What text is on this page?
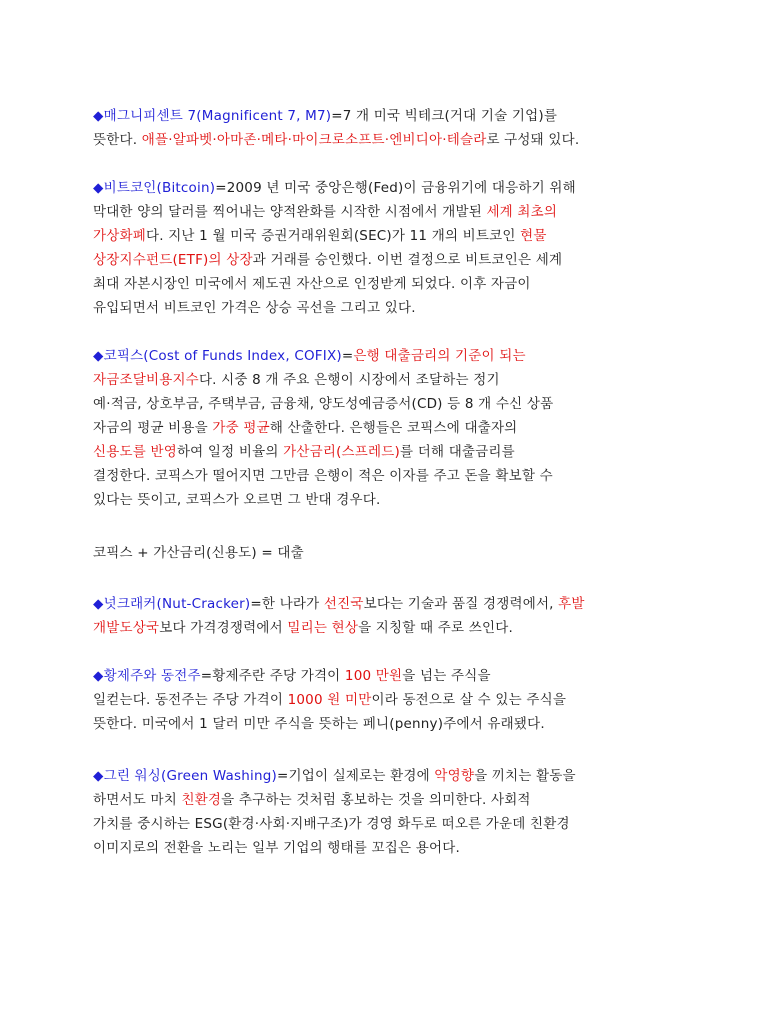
◆매그니피센트 7(Magnificent 7, M7)=7 개 미국 빅테크(거대 기술 기업)를
뜻한다. 애플·알파벳·아마존·메타·마이크로소프트·엔비디아·테슬라로 구성돼 있다.
◆비트코인(Bitcoin)=2009 년 미국 중앙은행(Fed)이 금융위기에 대응하기 위해
막대한 양의 달러를 찍어내는 양적완화를 시작한 시점에서 개발된 세계 최초의
가상화폐다. 지난 1 월 미국 증권거래위원회(SEC)가 11 개의 비트코인 현물
상장지수펀드(ETF)의 상장과 거래를 승인했다. 이번 결정으로 비트코인은 세계
최대 자본시장인 미국에서 제도권 자산으로 인정받게 되었다. 이후 자금이
유입되면서 비트코인 가격은 상승 곡선을 그리고 있다.
◆코픽스(Cost of Funds Index, COFIX)=은행 대출금리의 기준이 되는
자금조달비용지수다. 시중 8 개 주요 은행이 시장에서 조달하는 정기
예·적금, 상호부금, 주택부금, 금융채, 양도성예금증서(CD) 등 8 개 수신 상품
자금의 평균 비용을 가중 평균해 산출한다. 은행들은 코픽스에 대출자의
신용도를 반영하여 일정 비율의 가산금리(스프레드)를 더해 대출금리를
결정한다. 코픽스가 떨어지면 그만큼 은행이 적은 이자를 주고 돈을 확보할 수
있다는 뜻이고, 코픽스가 오르면 그 반대 경우다.
코픽스 + 가산금리(신용도) = 대출
◆넛크래커(Nut-Cracker)=한 나라가 선진국보다는 기술과 품질 경쟁력에서, 후발
개발도상국보다 가격경쟁력에서 밀리는 현상을 지칭할 때 주로 쓰인다.
◆황제주와 동전주=황제주란 주당 가격이 100 만원을 넘는 주식을
일컫는다. 동전주는 주당 가격이 1000 원 미만이라 동전으로 살 수 있는 주식을
뜻한다. 미국에서 1 달러 미만 주식을 뜻하는 페니(penny)주에서 유래됐다.
◆그린 워싱(Green Washing)=기업이 실제로는 환경에 악영향을 끼치는 활동을
하면서도 마치 친환경을 추구하는 것처럼 홍보하는 것을 의미한다. 사회적
가치를 중시하는 ESG(환경·사회·지배구조)가 경영 화두로 떠오른 가운데 친환경
이미지로의 전환을 노리는 일부 기업의 행태를 꼬집은 용어다.
